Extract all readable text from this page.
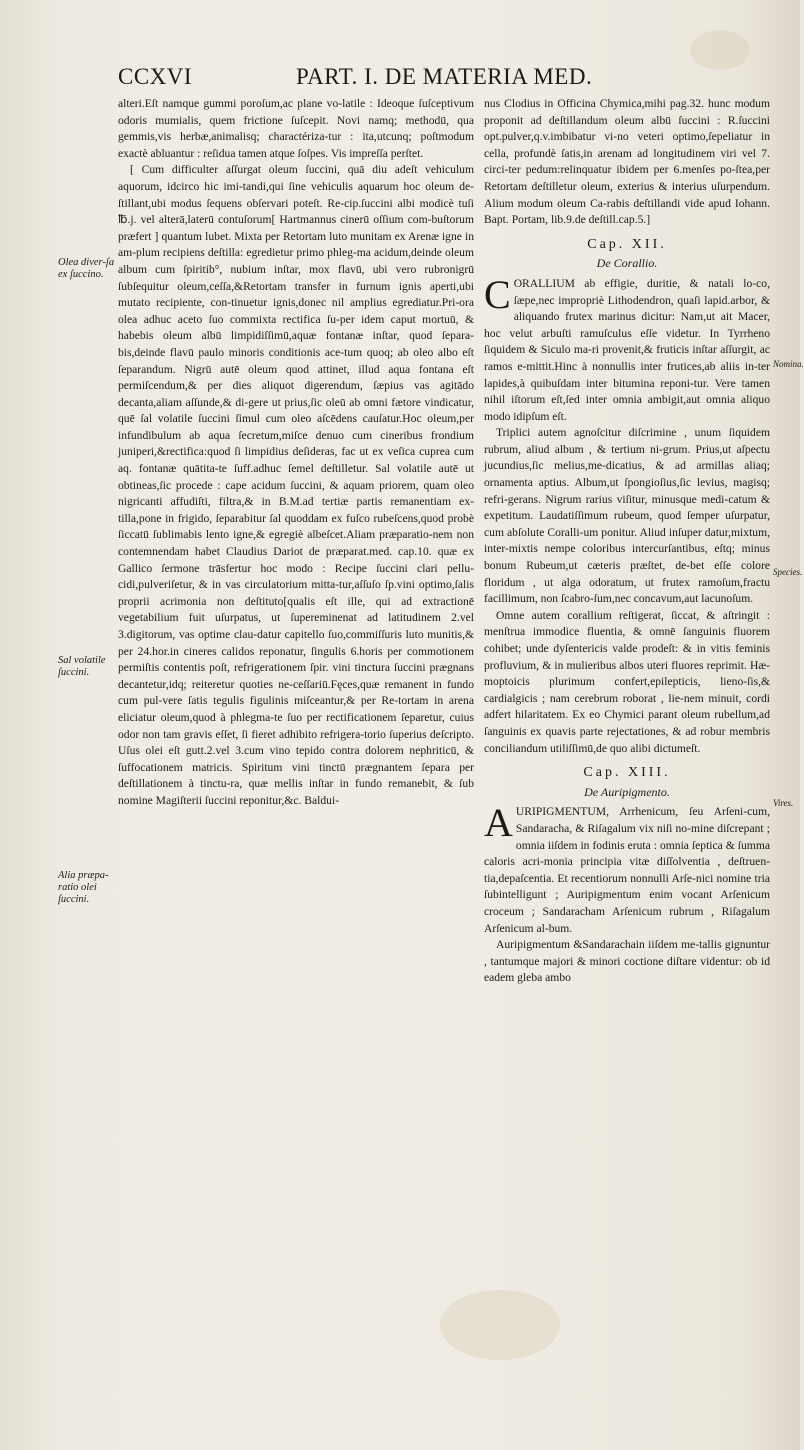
CCXVI	PART. I. DE MATERIA MED.
Olea diver-ſa ex ſuccino.
Sal volatile ſuccini.
Alia præpa-ratio olei ſuccini.
Nomina.
Species.
Vires.

alteri.Eſt namque gummi poroſum,ac plane vo-latile : Ideoque ſuſceptivum odoris mumialis, quem frictione ſuſcepit. Novi namq; methodū, qua gemmis,vis herbæ,animalisq; charactériza-tur : ita,utcunq; poſtmodum exactè abluantur : reſidua tamen atque ſoſpes. Vis impreſſa perſtet.

[ Cum difficulter aſſurgat oleum ſuccini, quā diu adeſt vehiculum aquorum, idcirco hic imi-tandi,qui ſine vehiculis aquarum hoc oleum de-ſtillant,ubi modus ſequens obſervari poteſt. Re-cip.ſuccini albi modicè tuſi ℔.j. vel alterā,laterū contuſorum[ Hartmannus cinerū oſſium com-buſtorum præfert ] quantum lubet. Mixta per Retortam luto munitam ex Arenæ igne in am-plum recipiens deſtilla: egredietur primo phleg-ma acidum,deinde oleum album cum ſpiritib°, nubium inſtar, mox flavū, ubi vero rubronigrū ſubſequitur oleum,ceſſa,&Retortam transfer in furnum ignis aperti,ubi mutato recipiente, con-tinuetur ignis,donec nil amplius egrediatur.Pri-ora olea adhuc aceto ſuo commixta rectifica ſu-per idem caput mortuū, & habebis oleum albū limpidiſſimū,aquæ fontanæ inſtar, quod ſepara-bis,deinde flavū paulo minoris conditionis ace-tum quoq; ab oleo albo eſt ſeparandum. Nigrū autē oleum quod attinet, illud aqua fontana eſt permiſcendum,& per dies aliquot digerendum, ſæpius vas agitādo decanta,aliam aſſunde,& di-gere ut prius,ſic oleū ab omni fætore vindicatur, quē ſal volatile ſuccini ſimul cum oleo aſcēdens cauſatur.Hoc oleum,per infundibulum ab aqua ſecretum,miſce denuo cum cineribus frondium juniperi,&rectifica:quod ſi limpidius deſideras, fac ut ex veſica cuprea cum aq. fontanæ quātita-te ſuff.adhuc ſemel deſtilletur. Sal volatile autē ut obtineas,ſic procede : cape acidum ſuccini, & aquam priorem, quam oleo nigricanti affudiſti, filtra,& in B.M.ad tertiæ partis remanentiam ex-tilla,pone in frigido, ſeparabitur ſal quoddam ex fuſco rubeſcens,quod probè ſiccatū ſublimabis lento igne,& egregiè albeſcet.Aliam præparatio-nem non contemnendam habet Claudius Dariot de præparat.med. cap.10. quæ ex Gallico ſermone trāsfertur hoc modo : Recipe ſuccini clari pellu-cidi,pulveriſetur, & in vas circulatorium mitta-tur,aſſuſo ſp.vini optimo,ſalis proprii acrimonia non deſtituto[qualis eſt ille, qui ad extractionē vegetabilium fuit uſurpatus, ut ſupereminenat ad latitudinem 2.vel 3.digitorum, vas optime clau-datur capitello ſuo,commiſſuris luto munitis,& per 24.hor.in cineres calidos reponatur, ſingulis 6.horis per commotionem permiſtis contentis poſt, refrigerationem ſpir. vini tinctura ſuccini prægnans decantetur,idq; reiteretur quoties ne-ceſſariū.Fęces,quæ remanent in fundo cum pul-vere ſatis tegulis figulinis miſceantur,& per Re-tortam in arena eliciatur oleum,quod à phlegma-te ſuo per rectificationem ſeparetur, cuius odor non tam gravis eſſet, ſi fieret adhibito refrigera-torio ſuperius deſcripto. Uſus olei eſt gutt.2.vel 3.cum vino tepido contra dolorem nephriticū, & ſuffocationem matricis. Spiritum vini tinctū prægnantem ſepara per deſtillationem à tinctu-ra, quæ mellis inſtar in fundo remanebit, & ſub nomine Magiſterii ſuccini reponitur,&c. Baldui-

nus Clodius in Officina Chymica,mihi pag.32. hunc modum proponit ad deſtillandum oleum albū ſuccini : R.ſuccini opt.pulver,q.v.imbibatur vi-no veteri optimo,ſepeliatur in cella, profundè ſatis,in arenam ad longitudinem viri vel 7. circi-ter pedum:relinquatur ibidem per 6.menſes po-ſtea,per Retortam deſtilletur oleum, exterius & interius uſurpendum. Alium modum oleum Ca-rabis deſtillandi vide apud Iohann. Bapt. Portam, lib.9.de deſtill.cap.5.]

Cap. XII.
De Corallio.

CORALLIUM ab effigie, duritie, & natali lo-co, ſæpe,nec impropriè Lithodendron, quaſi lapid.arbor, & aliquando frutex marinus dicitur: Nam,ut ait Macer, hoc velut arbuſti ramuſculus eſſe videtur. In Tyrrheno ſiquidem & Siculo ma-ri provenit,& fruticis inſtar aſſurgit, ac ramos e-mittit.Hinc à nonnullis inter frutices,ab aliis in-ter lapides,à quibuſdam inter bitumina reponi-tur. Vere tamen nihil iſtorum eſt,ſed inter omnia ambigit,aut omnia aliquo modo idipſum eſt.

Triplici autem agnoſcitur diſcrimine , unum ſiquidem rubrum, aliud album , & tertium ni-grum. Prius,ut aſpectu jucundius,ſic melius,me-dicatius, & ad armillas aliaq; ornamenta aptius. Album,ut ſpongioſius,ſic levius, magisq; refri-gerans. Nigrum rarius viſitur, minusque medi-catum & expetitum. Laudatiſſimum rubeum, quod ſemper uſurpatur, cum abſolute Coralli-um ponitur. Aliud inſuper datur,mixtum, inter-mixtis nempe coloribus intercurſantibus, eſtq; minus bonum Rubeum,ut cæteris præſtet, de-bet eſſe colore floridum , ut alga odoratum, ut frutex ramoſum,fractu facillimum, non ſcabro-ſum,nec concavum,aut lacunoſum.

Omne autem corallium reſtigerat, ſiccat, & aſtringit : menſtrua immodice fluentia, & omnē ſanguinis fluorem cohibet; unde dyſentericis valde prodeſt: & in vitis feminis profluvium, & in mulieribus albos uteri fluores reprimit. Hæ-moptoicis plurimum confert,epilepticis, lieno-ſis,& cardialgicis ; nam cerebrum roborat , lie-nem minuit, cordi adfert hilaritatem. Ex eo Chymici parant oleum rubellum,ad ſanguinis ex quavis parte rejectationes, & ad robur membris conciliandum utiliſſimū,de quo alibi dictumeſt.

Cap. XIII.
De Auripigmento.

AURIPIGMENTUM, Arrhenicum, ſeu Arſeni-cum, Sandaracha, & Riſagalum vix niſi no-mine diſcrepant ; omnia iiſdem in fodinis eruta : omnia ſeptica & ſumma caloris acri-monia principia vitæ diſſolventia , deſtruen-tia,depaſcentia. Et recentiorum nonnulli Arſe-nici nomine tria ſubintelligunt ; Auripigmentum enim vocant Arſenicum croceum ; Sandaracham Arſenicum rubrum , Riſagalum Arſenicum al-bum.

Auripigmentum &Sandarachain iiſdem me-tallis gignuntur , tantumque majori & minori coctione diſtare videntur: ob id eadem gleba ambo
